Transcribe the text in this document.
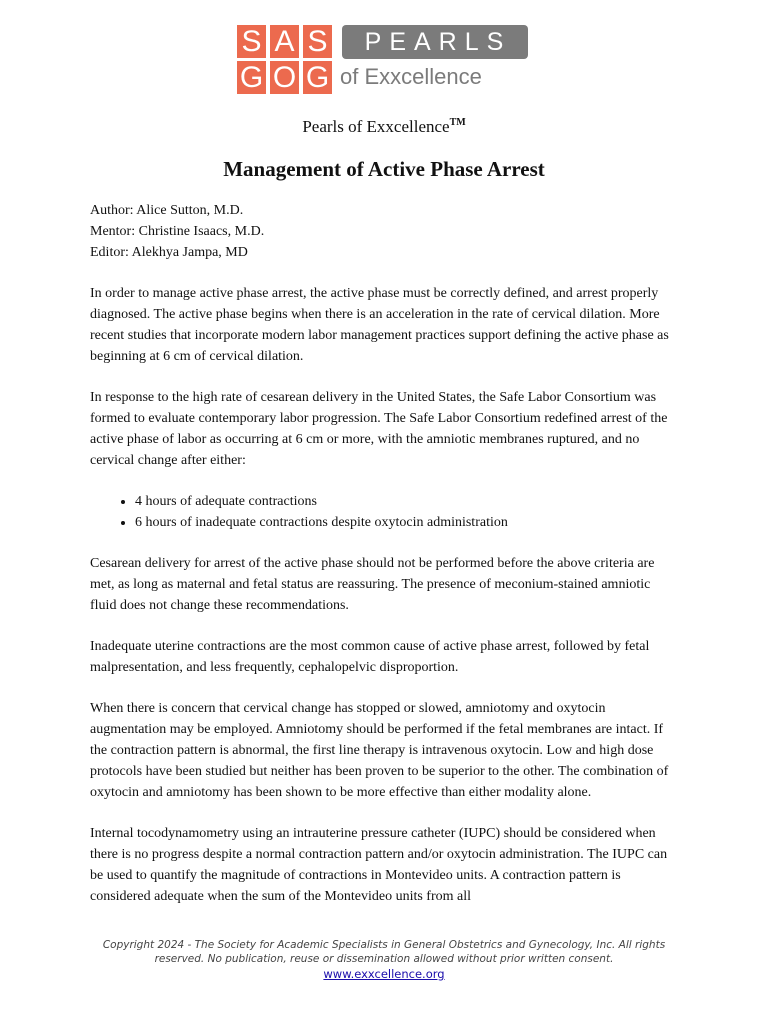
S A S
G O G
PEARLS
of Exxcellence
Pearls of Exxcellence™
Management of Active Phase Arrest
Author: Alice Sutton, M.D.
Mentor: Christine Isaacs, M.D.
Editor: Alekhya Jampa, MD

In order to manage active phase arrest, the active phase must be correctly defined, and arrest properly diagnosed. The active phase begins when there is an acceleration in the rate of cervical dilation. More recent studies that incorporate modern labor management practices support defining the active phase as beginning at 6 cm of cervical dilation.

In response to the high rate of cesarean delivery in the United States, the Safe Labor Consortium was formed to evaluate contemporary labor progression. The Safe Labor Consortium redefined arrest of the active phase of labor as occurring at 6 cm or more, with the amniotic membranes ruptured, and no cervical change after either:

• 4 hours of adequate contractions
• 6 hours of inadequate contractions despite oxytocin administration

Cesarean delivery for arrest of the active phase should not be performed before the above criteria are met, as long as maternal and fetal status are reassuring. The presence of meconium-stained amniotic fluid does not change these recommendations.

Inadequate uterine contractions are the most common cause of active phase arrest, followed by fetal malpresentation, and less frequently, cephalopelvic disproportion.

When there is concern that cervical change has stopped or slowed, amniotomy and oxytocin augmentation may be employed. Amniotomy should be performed if the fetal membranes are intact. If the contraction pattern is abnormal, the first line therapy is intravenous oxytocin. Low and high dose protocols have been studied but neither has been proven to be superior to the other. The combination of oxytocin and amniotomy has been shown to be more effective than either modality alone.

Internal tocodynamometry using an intrauterine pressure catheter (IUPC) should be considered when there is no progress despite a normal contraction pattern and/or oxytocin administration. The IUPC can be used to quantify the magnitude of contractions in Montevideo units. A contraction pattern is considered adequate when the sum of the Montevideo units from all

Copyright 2024 - The Society for Academic Specialists in General Obstetrics and Gynecology, Inc. All rights reserved. No publication, reuse or dissemination allowed without prior written consent.
www.exxcellence.org
